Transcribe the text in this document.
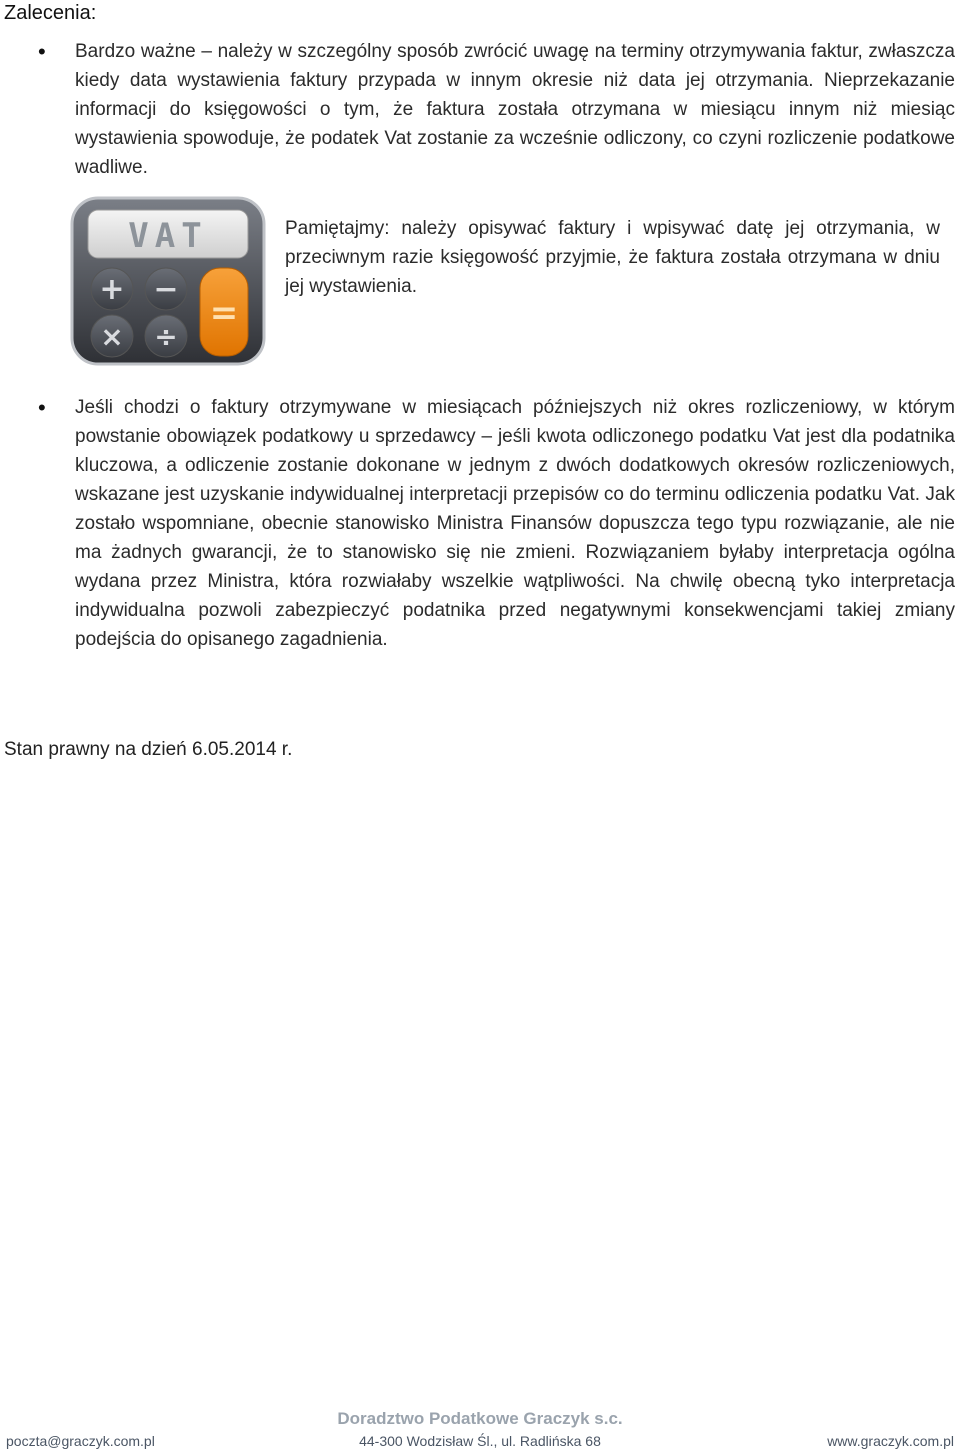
Zalecenia:
• Bardzo ważne – należy w szczególny sposób zwrócić uwagę na terminy otrzymywania faktur, zwłaszcza kiedy data wystawienia faktury przypada w innym okresie niż data jej otrzymania. Nieprzekazanie informacji do księgowości o tym, że faktura została otrzymana w miesiącu innym niż miesiąc wystawienia spowoduje, że podatek Vat zostanie za wcześnie odliczony, co czyni rozliczenie podatkowe wadliwe.
VAT
+ −
× ÷
=
Pamiętajmy: należy opisywać faktury i wpisywać datę jej otrzymania, w przeciwnym razie księgowość przyjmie, że faktura została otrzymana w dniu jej wystawienia.
• Jeśli chodzi o faktury otrzymywane w miesiącach późniejszych niż okres rozliczeniowy, w którym powstanie obowiązek podatkowy u sprzedawcy – jeśli kwota odliczonego podatku Vat jest dla podatnika kluczowa, a odliczenie zostanie dokonane w jednym z dwóch dodatkowych okresów rozliczeniowych, wskazane jest uzyskanie indywidualnej interpretacji przepisów co do terminu odliczenia podatku Vat. Jak zostało wspomniane, obecnie stanowisko Ministra Finansów dopuszcza tego typu rozwiązanie, ale nie ma żadnych gwarancji, że to stanowisko się nie zmieni. Rozwiązaniem byłaby interpretacja ogólna wydana przez Ministra, która rozwiałaby wszelkie wątpliwości. Na chwilę obecną tyko interpretacja indywidualna pozwoli zabezpieczyć podatnika przed negatywnymi konsekwencjami takiej zmiany podejścia do opisanego zagadnienia.
Stan prawny na dzień 6.05.2014 r.
Doradztwo Podatkowe Graczyk s.c.
poczta@graczyk.com.pl	44-300 Wodzisław Śl., ul. Radlińska 68	www.graczyk.com.pl
